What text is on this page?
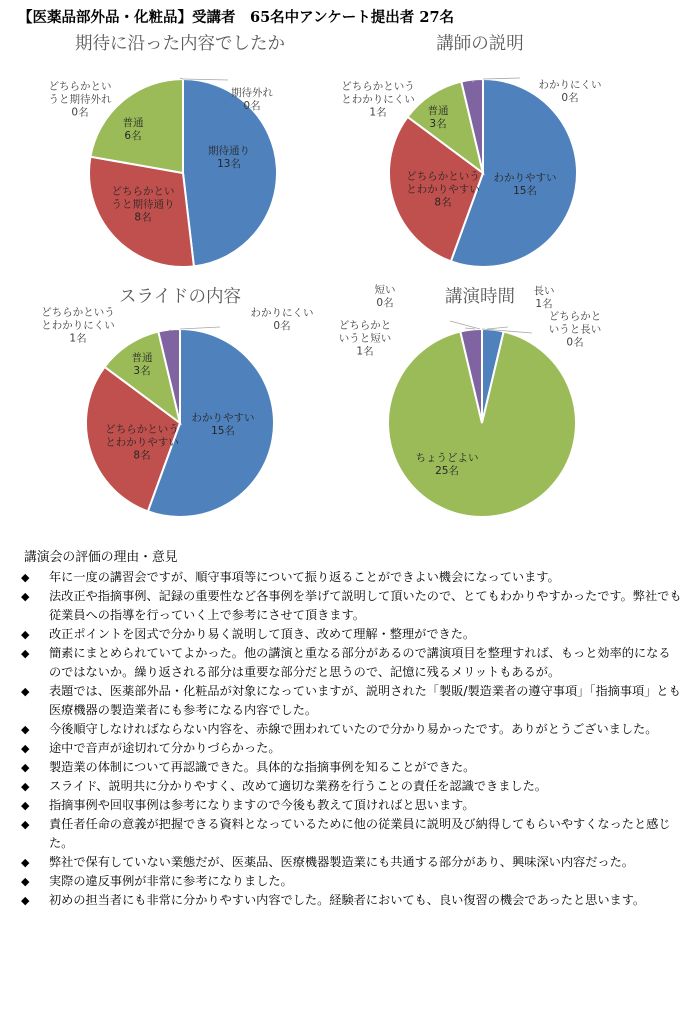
【医薬品部外品・化粧品】受講者　65名中アンケート提出者 27名
期待に沿った内容でしたか
期待通り
13名
どちらかとい
うと期待通り
8名
普通
6名
どちらかとい
うと期待外れ
0名
期待外れ
0名
講師の説明
わかりやすい
15名
どちらかという
とわかりやすい
8名
普通
3名
どちらかという
とわかりにくい
1名
わかりにくい
0名
スライドの内容
わかりやすい
15名
どちらかという
とわかりやすい
8名
普通
3名
どちらかという
とわかりにくい
1名
わかりにくい
0名
講演時間	長い
1名
どちらかと
いうと長い
0名
ちょうどよい
25名
どちらかと
いうと短い
1名
短い
0名
講演会の評価の理由・意見
◆ 年に一度の講習会ですが、順守事項等について振り返ることができよい機会になっています。
◆ 法改正や指摘事例、記録の重要性など各事例を挙げて説明して頂いたので、とてもわかりやすかったです。弊社でも従業員への指導を行っていく上で参考にさせて頂きます。
◆ 改正ポイントを図式で分かり易く説明して頂き、改めて理解・整理ができた。
◆ 簡素にまとめられていてよかった。他の講演と重なる部分があるので講演項目を整理すれば、もっと効率的になるのではないか。繰り返される部分は重要な部分だと思うので、記憶に残るメリットもあるが。
◆ 表題では、医薬部外品・化粧品が対象になっていますが、説明された「製販/製造業者の遵守事項」「指摘事項」とも医療機器の製造業者にも参考になる内容でした。
◆ 今後順守しなければならない内容を、赤線で囲われていたので分かり易かったです。ありがとうございました。
◆ 途中で音声が途切れて分かりづらかった。
◆ 製造業の体制について再認識できた。具体的な指摘事例を知ることができた。
◆ スライド、説明共に分かりやすく、改めて適切な業務を行うことの責任を認識できました。
◆ 指摘事例や回収事例は参考になりますので今後も教えて頂ければと思います。
◆ 責任者任命の意義が把握できる資料となっているために他の従業員に説明及び納得してもらいやすくなったと感じた。
◆ 弊社で保有していない業態だが、医薬品、医療機器製造業にも共通する部分があり、興味深い内容だった。
◆ 実際の違反事例が非常に参考になりました。
◆ 初めの担当者にも非常に分かりやすい内容でした。経験者においても、良い復習の機会であったと思います。
